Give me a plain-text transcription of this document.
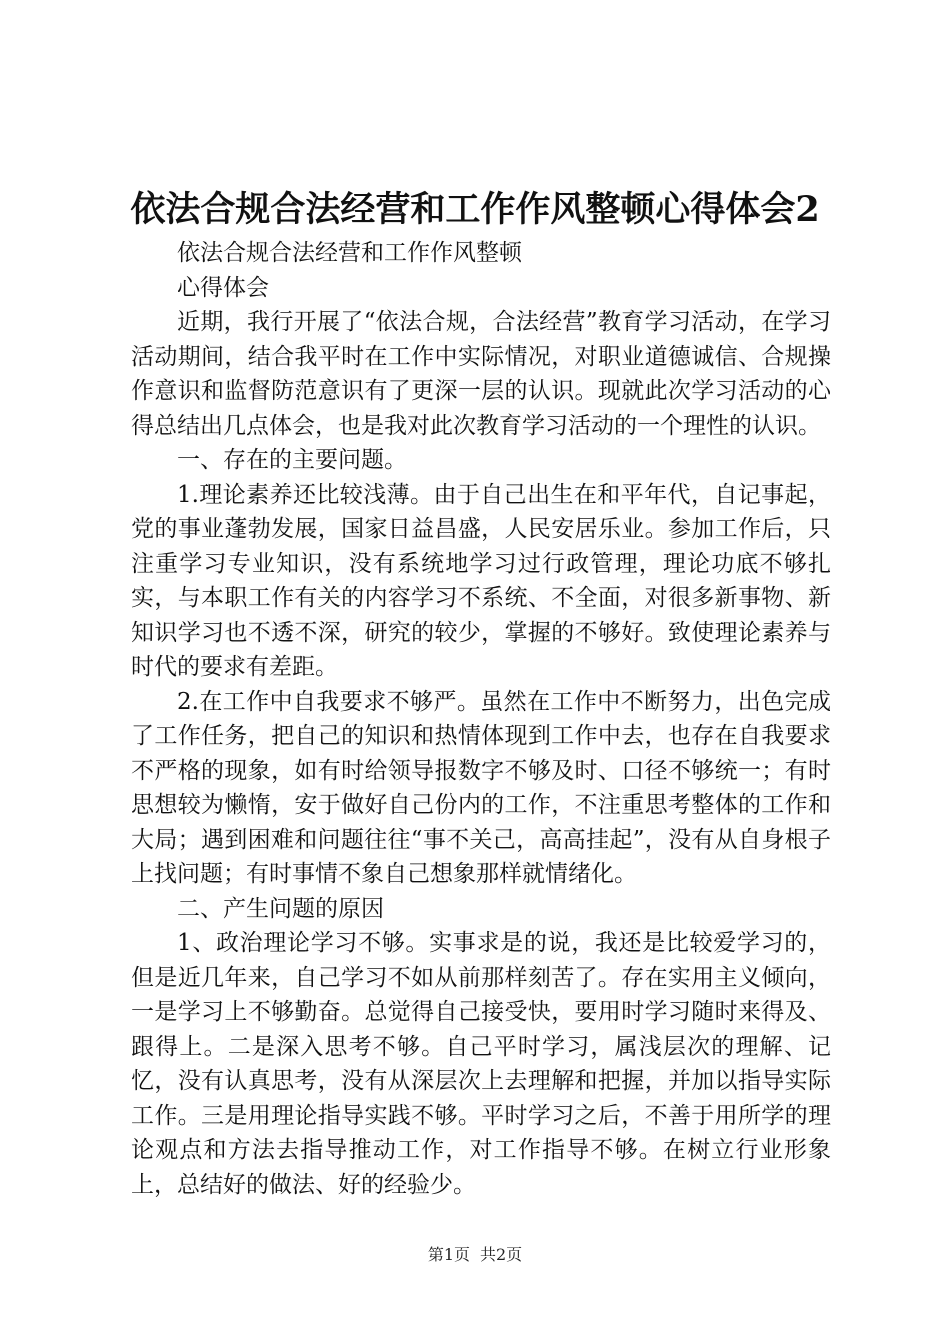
依法合规合法经营和工作作风整顿心得体会2

依法合规合法经营和工作作风整顿

心得体会

近期，我行开展了“依法合规，合法经营”教育学习活动，在学习活动期间，结合我平时在工作中实际情况，对职业道德诚信、合规操作意识和监督防范意识有了更深一层的认识。现就此次学习活动的心得总结出几点体会，也是我对此次教育学习活动的一个理性的认识。

一、存在的主要问题。

1.理论素养还比较浅薄。由于自己出生在和平年代，自记事起，党的事业蓬勃发展，国家日益昌盛，人民安居乐业。参加工作后，只注重学习专业知识，没有系统地学习过行政管理，理论功底不够扎实，与本职工作有关的内容学习不系统、不全面，对很多新事物、新知识学习也不透不深，研究的较少，掌握的不够好。致使理论素养与时代的要求有差距。

2.在工作中自我要求不够严。虽然在工作中不断努力，出色完成了工作任务，把自己的知识和热情体现到工作中去，也存在自我要求不严格的现象，如有时给领导报数字不够及时、口径不够统一；有时思想较为懒惰，安于做好自己份内的工作，不注重思考整体的工作和大局；遇到困难和问题往往“事不关己，高高挂起”，没有从自身根子上找问题；有时事情不象自己想象那样就情绪化。

二、产生问题的原因

1、政治理论学习不够。实事求是的说，我还是比较爱学习的，但是近几年来，自己学习不如从前那样刻苦了。存在实用主义倾向，一是学习上不够勤奋。总觉得自己接受快，要用时学习随时来得及、跟得上。二是深入思考不够。自己平时学习，属浅层次的理解、记忆，没有认真思考，没有从深层次上去理解和把握，并加以指导实际工作。三是用理论指导实践不够。平时学习之后，不善于用所学的理论观点和方法去指导推动工作，对工作指导不够。在树立行业形象上，总结好的做法、好的经验少。

第1页 共2页
